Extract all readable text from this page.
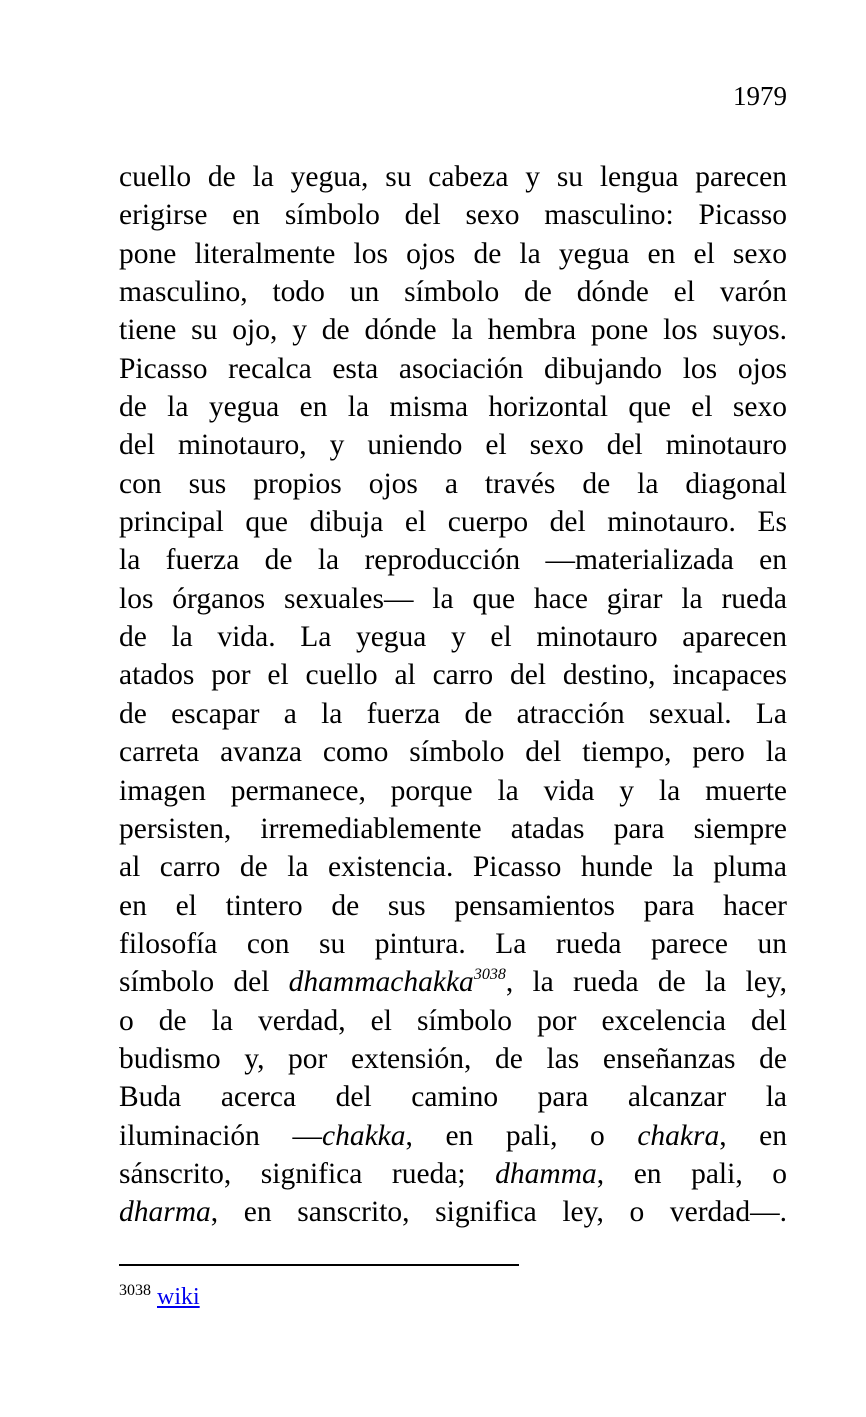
1979
cuello de la yegua, su cabeza y su lengua parecen
erigirse en símbolo del sexo masculino: Picasso
pone literalmente los ojos de la yegua en el sexo
masculino, todo un símbolo de dónde el varón
tiene su ojo, y de dónde la hembra pone los suyos.
Picasso recalca esta asociación dibujando los ojos
de la yegua en la misma horizontal que el sexo
del minotauro, y uniendo el sexo del minotauro
con sus propios ojos a través de la diagonal
principal que dibuja el cuerpo del minotauro. Es
la fuerza de la reproducción —materializada en
los órganos sexuales— la que hace girar la rueda
de la vida. La yegua y el minotauro aparecen
atados por el cuello al carro del destino, incapaces
de escapar a la fuerza de atracción sexual. La
carreta avanza como símbolo del tiempo, pero la
imagen permanece, porque la vida y la muerte
persisten, irremediablemente atadas para siempre
al carro de la existencia. Picasso hunde la pluma
en el tintero de sus pensamientos para hacer
filosofía con su pintura. La rueda parece un
símbolo del dhammachakka$^{3038}$, la rueda de la ley,
o de la verdad, el símbolo por excelencia del
budismo y, por extensión, de las enseñanzas de
Buda acerca del camino para alcanzar la
iluminación —chakka, en pali, o chakra, en
sánscrito, significa rueda; dhamma, en pali, o
dharma, en sanscrito, significa ley, o verdad—.
$^{3038}$ wiki
